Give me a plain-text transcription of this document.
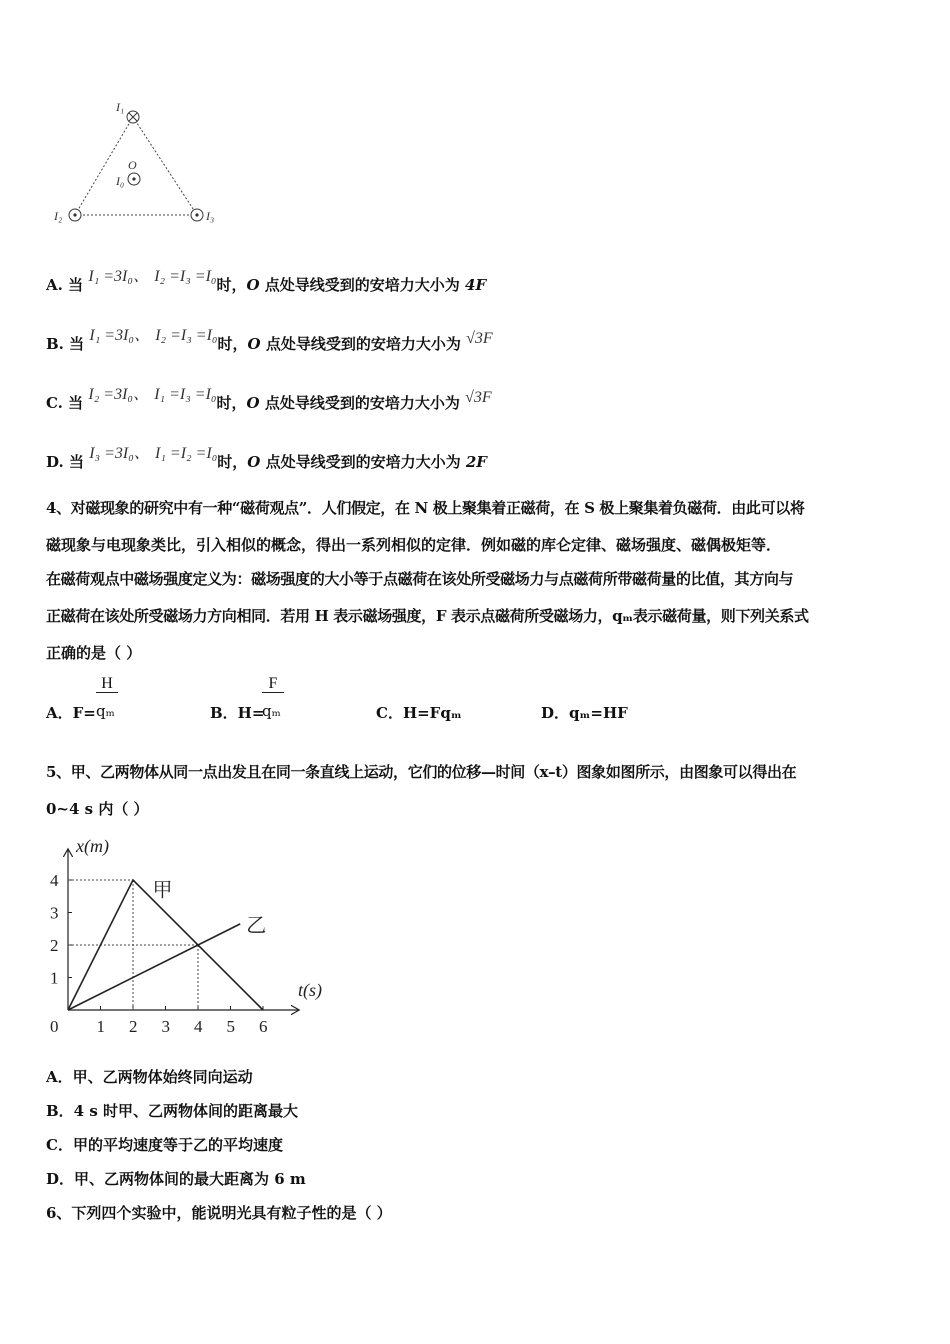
I₁
O
I₀
I₂	I₃
A. 当 I₁ =3I₀、 I₂ =I₃ =I₀时，O 点处导线受到的安培力大小为 4F
B. 当 I₁ =3I₀、 I₂ =I₃ =I₀时，O 点处导线受到的安培力大小为 √3F
C. 当 I₂ =3I₀、 I₁ =I₃ =I₀时，O 点处导线受到的安培力大小为 √3F
D. 当 I₃ =3I₀、 I₁ =I₂ =I₀时，O 点处导线受到的安培力大小为 2F
4、对磁现象的研究中有一种“磁荷观点”．人们假定，在 N 极上聚集着正磁荷，在 S 极上聚集着负磁荷．由此可以将
磁现象与电现象类比，引入相似的概念，得出一系列相似的定律．例如磁的库仑定律、磁场强度、磁偶极矩等．
在磁荷观点中磁场强度定义为：磁场强度的大小等于点磁荷在该处所受磁场力与点磁荷所带磁荷量的比值，其方向与
正磁荷在该处所受磁场力方向相同．若用 H 表示磁场强度，F 表示点磁荷所受磁场力，qₘ表示磁荷量，则下列关系式
正确的是（ ）
H
A．F= qₘ
F
B．H=
qₘ	C．H=Fqₘ	D．qₘ=HF
5、甲、乙两物体从同一点出发且在同一条直线上运动，它们的位移—时间（x–t）图象如图所示，由图象可以得出在
0~4 s 内（ ）
1 2 3 4 5 6
1
2
3
4
0
t(s)
x(m)
甲
乙
A．甲、乙两物体始终同向运动
B．4 s 时甲、乙两物体间的距离最大
C．甲的平均速度等于乙的平均速度
D．甲、乙两物体间的最大距离为 6 m
6、下列四个实验中，能说明光具有粒子性的是（ ）
